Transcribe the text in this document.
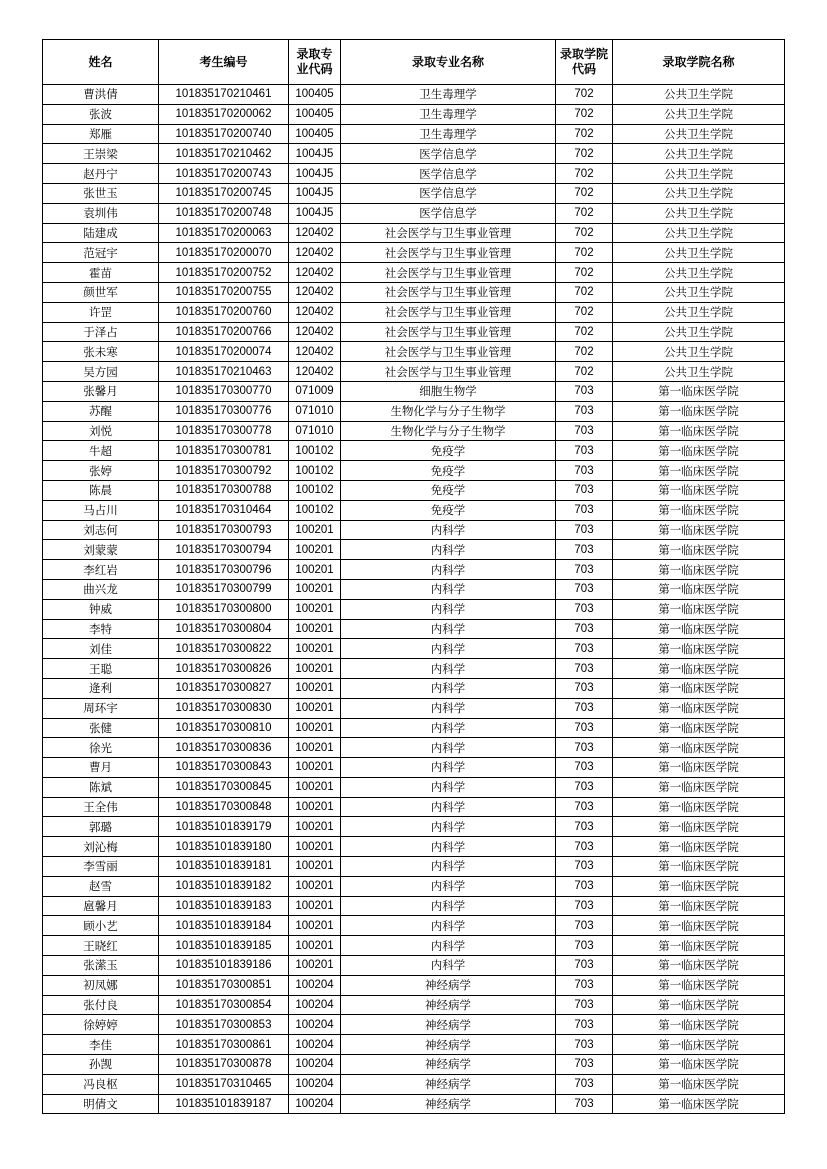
姓名	考生编号	录取专业代码	录取专业名称	录取学院代码	录取学院名称
曹洪倩	101835170210461	100405	卫生毒理学	702	公共卫生学院
张波	101835170200062	100405	卫生毒理学	702	公共卫生学院
郑雁	101835170200740	100405	卫生毒理学	702	公共卫生学院
王崇梁	101835170210462	1004J5	医学信息学	702	公共卫生学院
赵丹宁	101835170200743	1004J5	医学信息学	702	公共卫生学院
张世玉	101835170200745	1004J5	医学信息学	702	公共卫生学院
袁圳伟	101835170200748	1004J5	医学信息学	702	公共卫生学院
陆建成	101835170200063	120402	社会医学与卫生事业管理	702	公共卫生学院
范冠宇	101835170200070	120402	社会医学与卫生事业管理	702	公共卫生学院
霍苗	101835170200752	120402	社会医学与卫生事业管理	702	公共卫生学院
颜世军	101835170200755	120402	社会医学与卫生事业管理	702	公共卫生学院
许罡	101835170200760	120402	社会医学与卫生事业管理	702	公共卫生学院
于泽占	101835170200766	120402	社会医学与卫生事业管理	702	公共卫生学院
张未寒	101835170200074	120402	社会医学与卫生事业管理	702	公共卫生学院
吴方园	101835170210463	120402	社会医学与卫生事业管理	702	公共卫生学院
张馨月	101835170300770	071009	细胞生物学	703	第一临床医学院
苏醒	101835170300776	071010	生物化学与分子生物学	703	第一临床医学院
刘悦	101835170300778	071010	生物化学与分子生物学	703	第一临床医学院
牛超	101835170300781	100102	免疫学	703	第一临床医学院
张婷	101835170300792	100102	免疫学	703	第一临床医学院
陈晨	101835170300788	100102	免疫学	703	第一临床医学院
马占川	101835170310464	100102	免疫学	703	第一临床医学院
刘志何	101835170300793	100201	内科学	703	第一临床医学院
刘蒙蒙	101835170300794	100201	内科学	703	第一临床医学院
李红岩	101835170300796	100201	内科学	703	第一临床医学院
曲兴龙	101835170300799	100201	内科学	703	第一临床医学院
钟威	101835170300800	100201	内科学	703	第一临床医学院
李特	101835170300804	100201	内科学	703	第一临床医学院
刘佳	101835170300822	100201	内科学	703	第一临床医学院
王聪	101835170300826	100201	内科学	703	第一临床医学院
逄利	101835170300827	100201	内科学	703	第一临床医学院
周环宇	101835170300830	100201	内科学	703	第一临床医学院
张健	101835170300810	100201	内科学	703	第一临床医学院
徐光	101835170300836	100201	内科学	703	第一临床医学院
曹月	101835170300843	100201	内科学	703	第一临床医学院
陈斌	101835170300845	100201	内科学	703	第一临床医学院
王全伟	101835170300848	100201	内科学	703	第一临床医学院
郭璐	101835101839179	100201	内科学	703	第一临床医学院
刘沁梅	101835101839180	100201	内科学	703	第一临床医学院
李雪丽	101835101839181	100201	内科学	703	第一临床医学院
赵雪	101835101839182	100201	内科学	703	第一临床医学院
扈馨月	101835101839183	100201	内科学	703	第一临床医学院
顾小艺	101835101839184	100201	内科学	703	第一临床医学院
王晓红	101835101839185	100201	内科学	703	第一临床医学院
张潆玉	101835101839186	100201	内科学	703	第一临床医学院
初凤娜	101835170300851	100204	神经病学	703	第一临床医学院
张付良	101835170300854	100204	神经病学	703	第一临床医学院
徐婷婷	101835170300853	100204	神经病学	703	第一临床医学院
李佳	101835170300861	100204	神经病学	703	第一临床医学院
孙觊	101835170300878	100204	神经病学	703	第一临床医学院
冯良枢	101835170310465	100204	神经病学	703	第一临床医学院
明倩文	101835101839187	100204	神经病学	703	第一临床医学院
